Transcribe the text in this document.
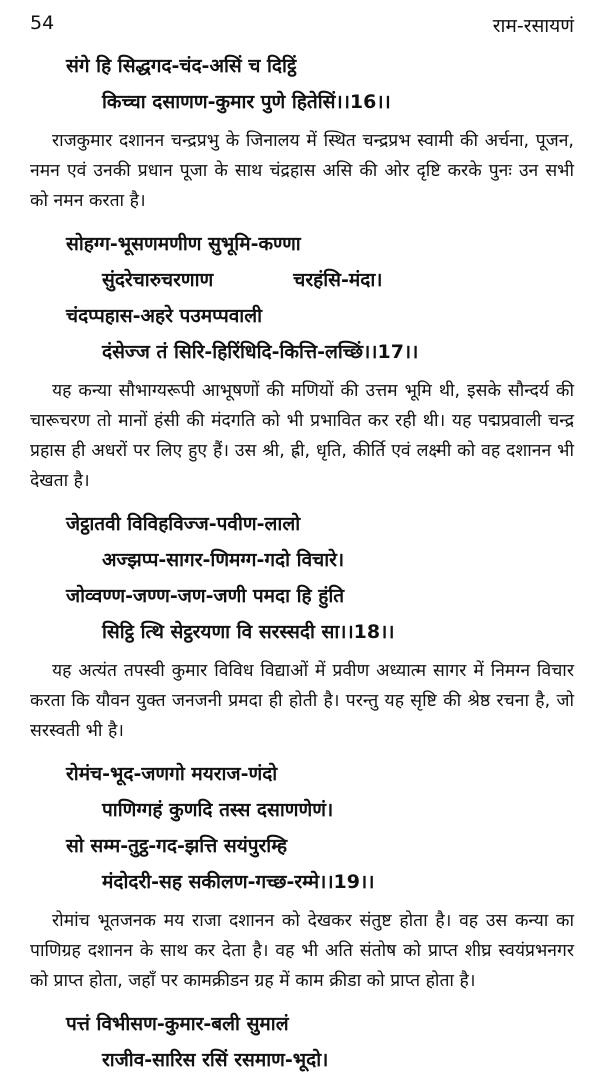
54	राम-रसायणं
संगे हि सिद्धगद-चंद-असिं च दिट्ठिं
किच्चा दसाणण-कुमार पुणे हितेसिं।।16।।

राजकुमार दशानन चन्द्रप्रभु के जिनालय में स्थित चन्द्रप्रभ स्वामी की अर्चना, पूजन, नमन एवं उनकी प्रधान पूजा के साथ चंद्रहास असि की ओर दृष्टि करके पुनः उन सभी को नमन करता है।

सोहग्ग-भूसणमणीण सुभूमि-कण्णा
सुंदरेचारुचरणाण	चरहंसि-मंदा।
चंदप्पहास-अहरे पउमप्पवाली
दंसेज्ज तं सिरि-हिरिंधिदि-कित्ति-लच्छिं।।17।।

यह कन्या सौभाग्यरूपी आभूषणों की मणियों की उत्तम भूमि थी, इसके सौन्दर्य की चारूचरण तो मानों हंसी की मंदगति को भी प्रभावित कर रही थी। यह पद्मप्रवाली चन्द्र प्रहास ही अधरों पर लिए हुए हैं। उस श्री, ह्री, धृति, कीर्ति एवं लक्ष्मी को वह दशानन भी देखता है।

जेट्ठातवी विविहविज्ज-पवीण-लालो
अज्झप्प-सागर-णिमग्ग-गदो विचारे।
जोव्वण्ण-जण्ण-जण-जणी पमदा हि हुंति
सिट्ठि त्थि सेट्ठरयणा वि सरस्सदी सा।।18।।

यह अत्यंत तपस्वी कुमार विविध विद्याओं में प्रवीण अध्यात्म सागर में निमग्न विचार करता कि यौवन युक्त जनजनी प्रमदा ही होती है। परन्तु यह सृष्टि की श्रेष्ठ रचना है, जो सरस्वती भी है।

रोमंच-भूद-जणगो मयराज-णंदो
पाणिग्गहं कुणदि तस्स दसाणणेणं।
सो सम्म-तुट्ठ-गद-झत्ति सयंपुरम्हि
मंदोदरी-सह सकीलण-गच्छ-रम्मे।।19।।

रोमांच भूतजनक मय राजा दशानन को देखकर संतुष्ट होता है। वह उस कन्या का पाणिग्रह दशानन के साथ कर देता है। वह भी अति संतोष को प्राप्त शीघ्र स्वयंप्रभनगर को प्राप्त होता, जहाँ पर कामक्रीडन ग्रह में काम क्रीडा को प्राप्त होता है।

पत्तं विभीसण-कुमार-बली सुमालं
राजीव-सारिस रसिं रसमाण-भूदो।
